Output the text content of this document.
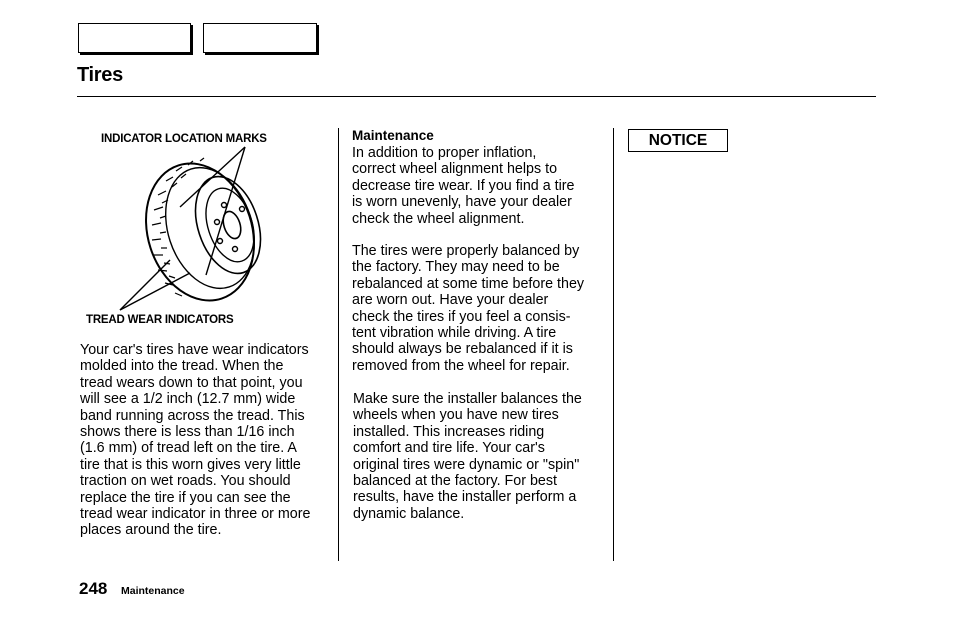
Tires
INDICATOR LOCATION MARKS
TREAD WEAR INDICATORS
Your car's tires have wear indicators
molded into the tread. When the
tread wears down to that point, you
will see a 1/2 inch (12.7 mm) wide
band running across the tread. This
shows there is less than 1/16 inch
(1.6 mm) of tread left on the tire. A
tire that is this worn gives very little
traction on wet roads. You should
replace the tire if you can see the
tread wear indicator in three or more
places around the tire.
Maintenance
In addition to proper inflation,
correct wheel alignment helps to
decrease tire wear. If you find a tire
is worn unevenly, have your dealer
check the wheel alignment.
The tires were properly balanced by
the factory. They may need to be
rebalanced at some time before they
are worn out. Have your dealer
check the tires if you feel a consis-
tent vibration while driving. A tire
should always be rebalanced if it is
removed from the wheel for repair.
Make sure the installer balances the
wheels when you have new tires
installed. This increases riding
comfort and tire life. Your car's
original tires were dynamic or "spin"
balanced at the factory. For best
results, have the installer perform a
dynamic balance.
NOTICE
248 Maintenance
